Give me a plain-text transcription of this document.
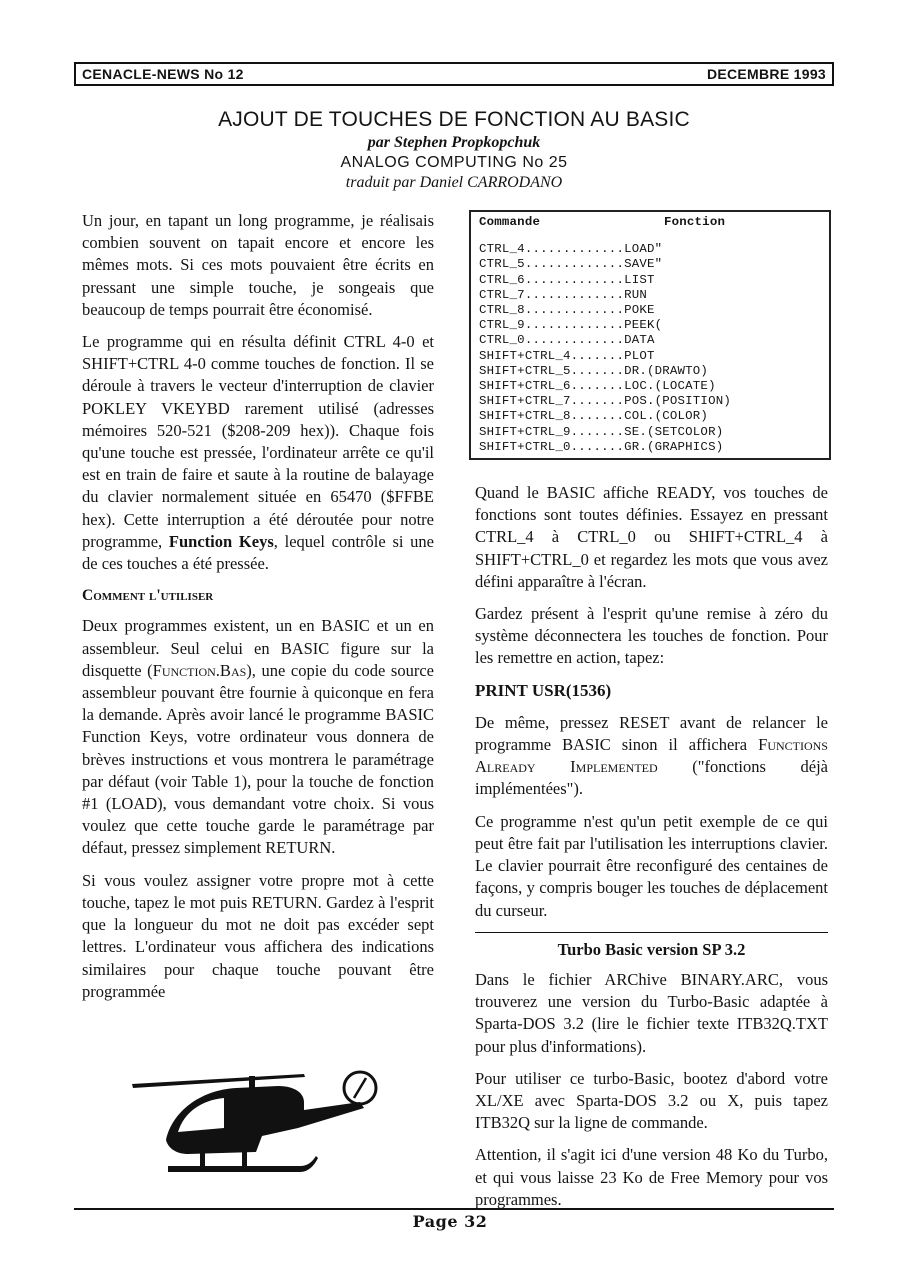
CENACLE-NEWS No 12	DECEMBRE 1993
AJOUT DE TOUCHES DE FONCTION AU BASIC
par Stephen Propkopchuk
ANALOG COMPUTING No 25
traduit par Daniel CARRODANO

Un jour, en tapant un long programme, je réalisais combien souvent on tapait encore et encore les mêmes mots. Si ces mots pouvaient être écrits en pressant une simple touche, je songeais que beaucoup de temps pourrait être économisé.

Le programme qui en résulta définit CTRL 4-0 et SHIFT+CTRL 4-0 comme touches de fonction. Il se déroule à travers le vecteur d'interruption de clavier POKLEY VKEYBD rarement utilisé (adresses mémoires 520-521 ($208-209 hex)). Chaque fois qu'une touche est pressée, l'ordinateur arrête ce qu'il est en train de faire et saute à la routine de balayage du clavier normalement située en 65470 ($FFBE hex). Cette interruption a été déroutée pour notre programme, Function Keys, lequel contrôle si une de ces touches a été pressée.

Comment l'utiliser

Deux programmes existent, un en BASIC et un en assembleur. Seul celui en BASIC figure sur la disquette (Function.Bas), une copie du code source assembleur pouvant être fournie à quiconque en fera la demande. Après avoir lancé le programme BASIC Function Keys, votre ordinateur vous donnera de brèves instructions et vous montrera le paramétrage par défaut (voir Table 1), pour la touche de fonction #1 (LOAD), vous demandant votre choix. Si vous voulez que cette touche garde le paramétrage par défaut, pressez simplement RETURN.

Si vous voulez assigner votre propre mot à cette touche, tapez le mot puis RETURN. Gardez à l'esprit que la longueur du mot ne doit pas excéder sept lettres. L'ordinateur vous affichera des indications similaires pour chaque touche pouvant être programmée

Commande	Fonction
CTRL_4.............LOAD"
CTRL_5.............SAVE"
CTRL_6.............LIST
CTRL_7.............RUN
CTRL_8.............POKE
CTRL_9.............PEEK(
CTRL_0.............DATA
SHIFT+CTRL_4.......PLOT
SHIFT+CTRL_5.......DR.(DRAWTO)
SHIFT+CTRL_6.......LOC.(LOCATE)
SHIFT+CTRL_7.......POS.(POSITION)
SHIFT+CTRL_8.......COL.(COLOR)
SHIFT+CTRL_9.......SE.(SETCOLOR)
SHIFT+CTRL_0.......GR.(GRAPHICS)

Quand le BASIC affiche READY, vos touches de fonctions sont toutes définies. Essayez en pressant CTRL_4 à CTRL_0 ou SHIFT+CTRL_4 à SHIFT+CTRL_0 et regardez les mots que vous avez défini apparaître à l'écran.

Gardez présent à l'esprit qu'une remise à zéro du système déconnectera les touches de fonction. Pour les remettre en action, tapez:

PRINT USR(1536)

De même, pressez RESET avant de relancer le programme BASIC sinon il affichera Functions Already Implemented ("fonctions déjà implémentées").

Ce programme n'est qu'un petit exemple de ce qui peut être fait par l'utilisation les interruptions clavier. Le clavier pourrait être reconfiguré des centaines de façons, y compris bouger les touches de déplacement du curseur.

Turbo Basic version SP 3.2

Dans le fichier ARChive BINARY.ARC, vous trouverez une version du Turbo-Basic adaptée à Sparta-DOS 3.2 (lire le fichier texte ITB32Q.TXT pour plus d'informations).

Pour utiliser ce turbo-Basic, bootez d'abord votre XL/XE avec Sparta-DOS 3.2 ou X, puis tapez ITB32Q sur la ligne de commande.

Attention, il s'agit ici d'une version 48 Ko du Turbo, et qui vous laisse 23 Ko de Free Memory pour vos programmes.

Page 32
